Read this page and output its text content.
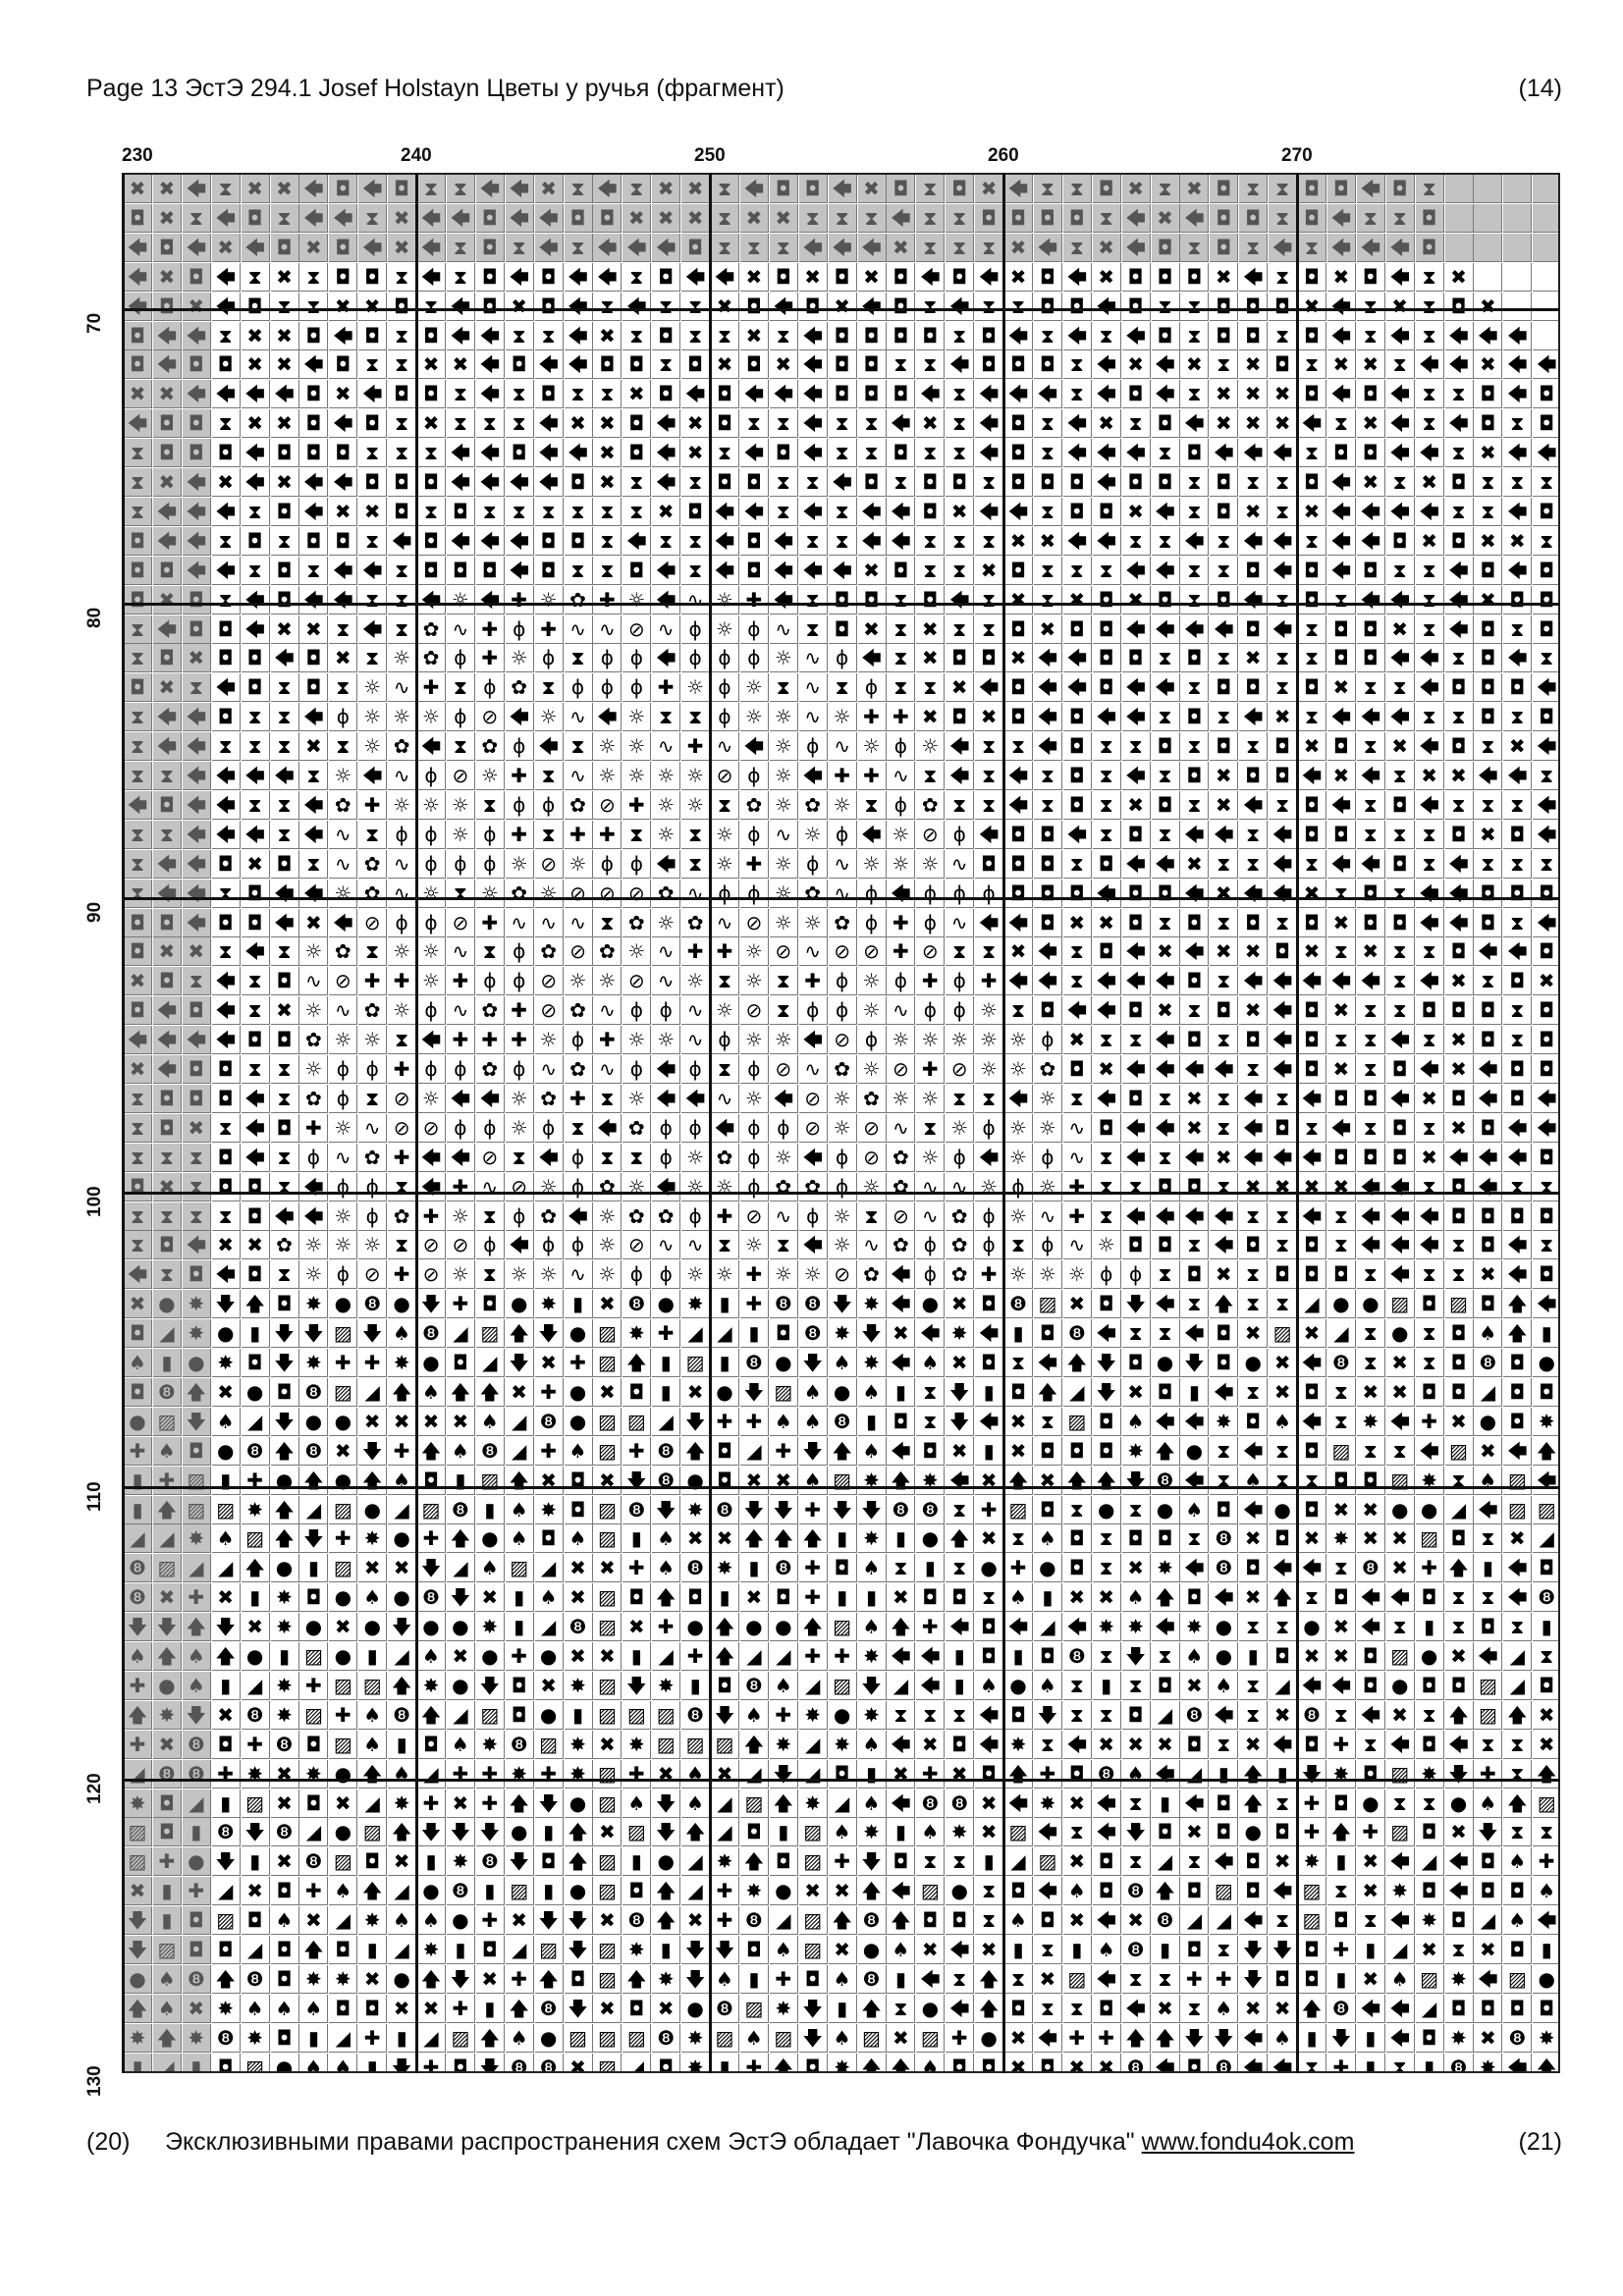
Page 13 ЭстЭ 294.1 Josef Holstayn Цветы у ручья (фрагмент)	(14)
230	240	250	260	270
70
80
90
100
110
120
130
✖ ✖ 🡄 ⧗ ✖ ✖ 🡄 ◘ 🡄 ◘ ⧗ ⧗ 🡄 🡄 ✖ ⧗ 🡄 ⧗ ✖ ✖ ⧗ 🡄 ◘ ◘ 🡄 ✖ ◘ ⧗ ◘ ✖ 🡄 ⧗ ⧗ ◘ ✖ ⧗ ✖ ◘ ⧗ ⧗ ◘ ◘ 🡄 ◘ ⧗
◘ ✖ ⧗ 🡄 ◘ ⧗ 🡄 🡄 ⧗ ✖ 🡄 🡄 ◘ 🡄 🡄 ◘ ◘ ✖ ✖ ✖ ⧗ ✖ ✖ ⧗ ⧗ ⧗ 🡄 ⧗ ⧗ ◘ ◘ ◘ ◘ ⧗ 🡄 ✖ 🡄 ◘ ◘ ⧗ ◘ 🡄 ⧗ ⧗ ◘
🡄 ◘ 🡄 ✖ 🡄 ◘ ✖ ◘ 🡄 ✖ 🡄 ⧗ ◘ ⧗ 🡄 ⧗ 🡄 🡄 🡄 ◘ ⧗ ⧗ ⧗ 🡄 🡄 🡄 ✖ ⧗ ⧗ ⧗ ✖ 🡄 ⧗ ✖ 🡄 ◘ ⧗ ◘ ⧗ 🡄 ⧗ 🡄 🡄 🡄 ◘
🡄 ✖ ◘ 🡄 ⧗ ✖ ⧗ ◘ ◘ ⧗ 🡄 ⧗ ◘ 🡄 ◘ 🡄 🡄 ⧗ ◘ 🡄 🡄 ✖ ◘ ✖ ◘ ✖ ◘ 🡄 ◘ 🡄 ✖ ◘ 🡄 ✖ ◘ ◘ ◘ ✖ 🡄 ⧗ ◘ ✖ ◘ 🡄 ⧗ ✖
🡄 ◘ ✖ 🡄 ◘ ⧗ ⧗ ✖ ✖ ◘ ⧗ 🡄 ◘ ✖ ◘ 🡄 ⧗ 🡄 ⧗ ⧗ ✖ ◘ 🡄 ◘ ✖ 🡄 ◘ ⧗ 🡄 ⧗ ⧗ ◘ ◘ 🡄 ◘ ⧗ ⧗ ◘ ◘ ◘ ✖ 🡄 ⧗ ✖ ⧗ ◘ ✖
◘ 🡄 🡄 ⧗ ✖ ✖ ◘ 🡄 ◘ ⧗ ◘ 🡄 🡄 ⧗ ⧗ 🡄 ✖ ⧗ ◘ ⧗ ⧗ ✖ ⧗ 🡄 ◘ ◘ ◘ ◘ ⧗ ◘ 🡄 ⧗ 🡄 ⧗ 🡄 ◘ ⧗ ◘ ◘ ⧗ ◘ 🡄 ⧗ 🡄 ⧗ 🡄 🡄 🡄
◘ 🡄 ◘ ◘ ✖ ✖ 🡄 ◘ ⧗ ⧗ ✖ ✖ 🡄 ◘ 🡄 🡄 ◘ ◘ ⧗ ◘ ✖ ◘ ✖ 🡄 ◘ ◘ ⧗ ⧗ 🡄 ◘ ◘ ◘ ⧗ 🡄 ✖ 🡄 ✖ ⧗ ✖ ◘ ⧗ ✖ ✖ ⧗ 🡄 🡄 ✖ 🡄 🡄
✖ ✖ 🡄 🡄 🡄 🡄 ◘ ✖ 🡄 ◘ ◘ ⧗ 🡄 ⧗ ◘ ⧗ ⧗ ✖ ◘ 🡄 ◘ 🡄 🡄 🡄 ◘ ◘ ◘ 🡄 ⧗ 🡄 🡄 🡄 ⧗ 🡄 ◘ 🡄 ⧗ ✖ ✖ ✖ ◘ 🡄 ◘ 🡄 ⧗ ⧗ ◘ 🡄 ◘
🡄 ◘ ◘ ⧗ ✖ ✖ ◘ 🡄 ◘ ⧗ ✖ ⧗ ⧗ ⧗ 🡄 ✖ ✖ ◘ 🡄 ✖ ◘ ⧗ ⧗ 🡄 ⧗ ⧗ 🡄 ✖ ⧗ 🡄 ◘ ⧗ 🡄 ✖ ⧗ ◘ 🡄 ✖ ✖ ✖ 🡄 ⧗ ✖ 🡄 ⧗ 🡄 ◘ ⧗ ◘
⧗ ◘ ◘ ◘ 🡄 ◘ ◘ ◘ ⧗ ⧗ ⧗ 🡄 🡄 ◘ 🡄 🡄 ✖ ◘ 🡄 ✖ ⧗ 🡄 ◘ 🡄 ⧗ ⧗ ◘ ⧗ ⧗ 🡄 ◘ ⧗ 🡄 🡄 🡄 ⧗ ◘ 🡄 🡄 🡄 ⧗ ◘ ◘ 🡄 🡄 ⧗ ✖ 🡄 🡄
⧗ ✖ 🡄 ✖ 🡄 ✖ 🡄 🡄 ◘ ◘ ◘ 🡄 🡄 🡄 🡄 ◘ ✖ ⧗ 🡄 ⧗ ◘ ◘ ⧗ ⧗ 🡄 ◘ ⧗ ◘ ◘ ⧗ ◘ ◘ ◘ 🡄 ◘ ◘ ⧗ ◘ ⧗ ⧗ ◘ 🡄 ✖ ⧗ ✖ ◘ ⧗ ⧗ ⧗
⧗ 🡄 🡄 🡄 ⧗ ◘ 🡄 ✖ ✖ ◘ ⧗ ◘ ⧗ ⧗ ⧗ ⧗ ⧗ ⧗ ✖ ◘ 🡄 🡄 ⧗ 🡄 ⧗ 🡄 🡄 ◘ ✖ 🡄 🡄 ⧗ ◘ ◘ ✖ 🡄 ⧗ ◘ ✖ ⧗ ✖ 🡄 🡄 🡄 🡄 ⧗ ⧗ 🡄 ◘
◘ 🡄 🡄 ⧗ ◘ ⧗ ◘ ◘ ⧗ 🡄 ◘ 🡄 🡄 🡄 ◘ ◘ ⧗ 🡄 ⧗ ⧗ 🡄 ◘ 🡄 ⧗ ⧗ 🡄 🡄 ⧗ ⧗ ⧗ ✖ ✖ 🡄 🡄 ⧗ ⧗ 🡄 ⧗ 🡄 🡄 ⧗ 🡄 🡄 ◘ ✖ ◘ ✖ ✖ ⧗
◘ ◘ 🡄 🡄 ⧗ ◘ ⧗ 🡄 🡄 ⧗ ◘ ◘ ◘ 🡄 ◘ ⧗ ⧗ ◘ 🡄 ⧗ 🡄 ◘ 🡄 🡄 🡄 ✖ ◘ ⧗ ⧗ ✖ ◘ ⧗ ⧗ ⧗ 🡄 🡄 ⧗ ⧗ ◘ 🡄 ◘ 🡄 ◘ ⧗ ⧗ 🡄 ◘ 🡄 ◘
◘ ✖ ◘ ⧗ 🡄 ◘ 🡄 🡄 ⧗ ⧗ 🡄 ☼ 🡄 ✚ ☼ ✿ ✚ ☼ 🡄 ∿ ☼ ✚ 🡄 ⧗ ◘ ◘ ⧗ ◘ 🡄 ⧗ ✖ ⧗ ✖ ◘ ✖ ◘ ⧗ ◘ 🡄 ⧗ ◘ ⧗ 🡄 🡄 ⧗ 🡄 ✖ ◘ ◘
⧗ 🡄 ◘ ◘ 🡄 ✖ ✖ ⧗ 🡄 ⧗ ✿ ∿ ✚ ɸ ✚ ∿ ∿ ⊘ ∿ ɸ ☼ ɸ ∿ ⧗ ◘ ✖ ⧗ ✖ ⧗ ⧗ ◘ ✖ ◘ ◘ 🡄 🡄 🡄 🡄 ◘ 🡄 ⧗ ◘ ◘ ✖ ⧗ 🡄 ◘ ⧗ ◘
⧗ ◘ ✖ ◘ ◘ 🡄 ◘ ✖ ⧗ ☼ ✿ ɸ ✚ ☼ ɸ ⧗ ɸ ɸ 🡄 ɸ ɸ ɸ ☼ ∿ ɸ 🡄 ⧗ ✖ ◘ ◘ ✖ 🡄 🡄 ◘ ◘ ⧗ ◘ ⧗ ✖ ⧗ ⧗ ◘ ◘ 🡄 🡄 ⧗ ◘ 🡄 ⧗
◘ ✖ ⧗ 🡄 ◘ ⧗ ◘ ⧗ ☼ ∿ ✚ ⧗ ɸ ✿ ⧗ ɸ ɸ ɸ ✚ ☼ ɸ ☼ ⧗ ∿ ⧗ ɸ ⧗ ⧗ ✖ 🡄 ◘ 🡄 🡄 ◘ 🡄 🡄 ⧗ ◘ ◘ ⧗ ◘ ✖ ⧗ ⧗ 🡄 ◘ ◘ ◘ 🡄
⧗ 🡄 🡄 ◘ ⧗ ⧗ 🡄 ɸ ☼ ☼ ☼ ɸ ⊘ 🡄 ☼ ∿ 🡄 ☼ ⧗ ⧗ ɸ ☼ ☼ ∿ ☼ ✚ ✚ ✖ ◘ ✖ ◘ 🡄 ◘ 🡄 🡄 ⧗ ◘ ⧗ 🡄 ✖ ⧗ 🡄 🡄 🡄 ⧗ ⧗ ◘ ⧗ ◘
⧗ 🡄 🡄 ⧗ ⧗ ⧗ ✖ ⧗ ☼ ✿ 🡄 ⧗ ✿ ɸ 🡄 ⧗ ☼ ☼ ∿ ✚ ∿ 🡄 ☼ ɸ ∿ ☼ ɸ ☼ 🡄 ⧗ ⧗ 🡄 ◘ ⧗ ⧗ ◘ ⧗ ◘ ⧗ ◘ ✖ ◘ ⧗ ✖ 🡄 ◘ ⧗ ✖ 🡄
⧗ ⧗ 🡄 🡄 🡄 🡄 ⧗ ☼ 🡄 ∿ ɸ ⊘ ☼ ✚ ⧗ ∿ ☼ ☼ ☼ ☼ ⊘ ɸ ☼ 🡄 ✚ ✚ ∿ ⧗ 🡄 ⧗ 🡄 ⧗ ◘ ⧗ 🡄 ⧗ ◘ ✖ ◘ ◘ 🡄 ✖ 🡄 ⧗ ✖ ✖ 🡄 🡄 ⧗
🡄 ◘ 🡄 🡄 ⧗ ⧗ 🡄 ✿ ✚ ☼ ☼ ☼ ⧗ ɸ ɸ ✿ ⊘ ✚ ☼ ☼ ⧗ ✿ ☼ ✿ ☼ ⧗ ɸ ✿ ⧗ ⧗ 🡄 ⧗ ◘ ⧗ ✖ ◘ ⧗ ✖ 🡄 ⧗ ◘ 🡄 ⧗ ◘ 🡄 ⧗ ⧗ ⧗ 🡄
⧗ ⧗ 🡄 🡄 🡄 ⧗ 🡄 ∿ ⧗ ɸ ɸ ☼ ɸ ✚ ⧗ ✚ ✚ ⧗ ☼ ⧗ ☼ ɸ ∿ ☼ ɸ 🡄 ☼ ⊘ ɸ 🡄 ◘ ◘ 🡄 ⧗ ◘ ⧗ 🡄 🡄 ⧗ 🡄 ◘ ◘ ⧗ ⧗ ⧗ ◘ ✖ ◘ 🡄
⧗ 🡄 🡄 ◘ ✖ ◘ ⧗ ∿ ✿ ∿ ɸ ɸ ɸ ☼ ⊘ ☼ ɸ ɸ 🡄 ⧗ ☼ ✚ ☼ ɸ ∿ ☼ ☼ ☼ ∿ ◘ ◘ ◘ ⧗ ◘ 🡄 🡄 ✖ ⧗ ⧗ 🡄 ⧗ 🡄 🡄 ◘ ⧗ 🡄 ⧗ ⧗ ⧗
⧗ 🡄 🡄 ⧗ ◘ 🡄 🡄 ☼ ✿ ∿ ☼ ⧗ ☼ ✿ ☼ ⊘ ⊘ ⊘ ✿ ∿ ɸ ɸ ☼ ✿ ∿ ɸ 🡄 ɸ ɸ ɸ ◘ ◘ ◘ 🡄 ◘ ◘ 🡄 ✖ 🡄 🡄 ✖ ⧗ ◘ ⧗ 🡄 🡄 ◘ ◘ ◘
◘ ◘ 🡄 ◘ ◘ 🡄 ✖ 🡄 ⊘ ɸ ɸ ⊘ ✚ ∿ ∿ ∿ ⧗ ✿ ☼ ✿ ∿ ⊘ ☼ ☼ ✿ ɸ ✚ ɸ ∿ 🡄 🡄 ◘ ✖ ✖ ◘ ⧗ ◘ ⧗ ◘ ⧗ ◘ ✖ ◘ ◘ 🡄 🡄 ◘ ⧗ 🡄
◘ ✖ ✖ ⧗ 🡄 ⧗ ☼ ✿ ⧗ ☼ ☼ ∿ ⧗ ɸ ✿ ⊘ ✿ ☼ ∿ ✚ ✚ ☼ ⊘ ∿ ⊘ ⊘ ✚ ⊘ ⧗ ⧗ ✖ 🡄 ⧗ ◘ 🡄 ✖ 🡄 ✖ ✖ ◘ ✖ ⧗ ✖ ⧗ ⧗ ◘ 🡄 🡄 ◘
✖ ◘ ⧗ 🡄 ⧗ ◘ ∿ ⊘ ✚ ✚ ☼ ✚ ɸ ɸ ⊘ ☼ ☼ ⊘ ∿ ☼ ⧗ ☼ ⧗ ✚ ɸ ☼ ɸ ✚ ɸ ✚ 🡄 🡄 ⧗ 🡄 🡄 🡄 ◘ ⧗ 🡄 🡄 🡄 🡄 🡄 ⧗ 🡄 ✖ ⧗ ◘ ✖
◘ 🡄 ◘ 🡄 ⧗ ✖ ☼ ∿ ✿ ☼ ɸ ∿ ✿ ✚ ⊘ ✿ ∿ ɸ ɸ ∿ ☼ ⊘ ⧗ ɸ ɸ ☼ ∿ ɸ ɸ ☼ ⧗ ◘ 🡄 🡄 ◘ ✖ ⧗ ◘ ✖ 🡄 ◘ ✖ ⧗ ⧗ ◘ ◘ ◘ ⧗ ◘
🡄 🡄 🡄 🡄 ◘ ◘ ✿ ☼ ☼ ⧗ 🡄 ✚ ✚ ✚ ☼ ɸ ✚ ☼ ☼ ∿ ɸ ☼ ☼ 🡄 ⊘ ɸ ☼ ☼ ☼ ☼ ☼ ɸ ✖ ⧗ ⧗ 🡄 ◘ ⧗ ◘ 🡄 ◘ ⧗ ⧗ 🡄 ⧗ ✖ ◘ ⧗ ◘
✖ 🡄 ◘ ◘ ⧗ ⧗ ☼ ɸ ɸ ✚ ɸ ɸ ✿ ɸ ∿ ✿ ∿ ɸ 🡄 ɸ ⧗ ɸ ⊘ ∿ ✿ ☼ ⊘ ✚ ⊘ ☼ ☼ ✿ ◘ ✖ 🡄 🡄 🡄 🡄 ⧗ 🡄 ◘ ✖ ⧗ ◘ 🡄 ✖ 🡄 ◘ ◘
⧗ ◘ ◘ ◘ 🡄 ⧗ ✿ ɸ ⧗ ⊘ ☼ 🡄 🡄 ☼ ✿ ✚ ⧗ ☼ 🡄 🡄 ∿ ☼ 🡄 ⊘ ☼ ✿ ☼ ☼ ⧗ ⧗ 🡄 ☼ ⧗ 🡄 ◘ ⧗ ✖ ⧗ 🡄 ⧗ 🡄 ◘ ◘ 🡄 ✖ ◘ 🡄 ◘ 🡄
⧗ ◘ ✖ ⧗ 🡄 ◘ ✚ ☼ ∿ ⊘ ⊘ ɸ ɸ ☼ ɸ ⧗ 🡄 ✿ ɸ ɸ 🡄 ɸ ɸ ⊘ ☼ ⊘ ∿ ⧗ ☼ ɸ ☼ ☼ ∿ ◘ 🡄 🡄 ✖ ⧗ 🡄 ◘ ⧗ 🡄 ⧗ ◘ ⧗ ✖ ◘ 🡄 🡄
⧗ ⧗ ⧗ ◘ 🡄 ⧗ ɸ ∿ ✿ ✚ 🡄 🡄 ⊘ ⧗ 🡄 ɸ ⧗ ⧗ ɸ ☼ ✿ ɸ ☼ 🡄 ɸ ⊘ ✿ ☼ ɸ 🡄 ☼ ɸ ∿ ⧗ 🡄 ⧗ 🡄 ✖ 🡄 🡄 🡄 ◘ ◘ ◘ ✖ 🡄 🡄 🡄 ◘
◘ ✖ ⧗ ◘ ◘ ⧗ 🡄 ɸ ɸ ⧗ 🡄 ✚ ∿ ⊘ ☼ ɸ ✿ ☼ 🡄 ☼ ☼ ɸ ✿ ✿ ɸ ☼ ✿ ∿ ∿ ☼ ɸ ☼ ✚ ⧗ ⧗ ◘ ◘ ⧗ ✖ ✖ ✖ ✖ 🡄 🡄 ⧗ ◘ 🡄 ⧗ ⧗
⧗ ⧗ ⧗ ⧗ ◘ 🡄 🡄 ☼ ɸ ✿ ✚ ☼ ⧗ ɸ ✿ 🡄 ☼ ✿ ✿ ɸ ✚ ⊘ ∿ ɸ ☼ ⧗ ⊘ ∿ ✿ ɸ ☼ ∿ ✚ ⧗ 🡄 🡄 🡄 🡄 ⧗ ⧗ 🡄 ⧗ 🡄 🡄 🡄 ◘ ◘ ◘ ◘
⧗ ◘ 🡄 ✖ ✖ ✿ ☼ ☼ ☼ ⧗ ⊘ ⊘ ɸ 🡄 ɸ ɸ ☼ ⊘ ∿ ∿ ⧗ ☼ ⧗ 🡄 ☼ ∿ ✿ ɸ ✿ ɸ ⧗ ɸ ∿ ☼ ◘ ◘ ⧗ 🡄 ◘ ⧗ ◘ ⧗ 🡄 🡄 🡄 ⧗ ◘ 🡄 ⧗
🡄 ⧗ ◘ 🡄 ◘ ⧗ ☼ ɸ ⊘ ✚ ⊘ ☼ ⧗ ☼ ☼ ∿ ☼ ɸ ɸ ☼ ☼ ✚ ☼ ☼ ⊘ ✿ 🡄 ɸ ✿ ✚ ☼ ☼ ☼ ɸ ɸ ⧗ ◘ ✖ ⧗ ◘ ◘ ◘ ⧗ 🡄 ⧗ ⧗ ✖ 🡄 ◘
✖ ● ✸ 🡇 🡅 ◘ ✸ ● ❽ ● 🡇 ✚ ◘ ● ✸ ▮ ✖ ❽ ● ✸ ▮ ✚ ❽ ❽ 🡇 ✸ 🡄 ● ✖ ◘ ❽ ▨ ✖ ◘ 🡇 🡄 ⧗ 🡅 ⧗ ⧗ ◢ ● ● ▨ ◘ ▨ ◘ 🡅 🡄
◘ ◢ ✸ ● ▮ 🡇 🡇 ▨ 🡇 ♠ ❽ ◢ ▨ 🡅 🡇 ● ▨ ✸ ✚ ◢ ◢ ▮ ◘ ❽ ✸ 🡇 ✖ 🡄 ✸ 🡄 ▮ ◘ ❽ 🡄 ⧗ ⧗ 🡄 ◘ ✖ ▨ ✖ ◢ ⧗ ● ⧗ ◘ ♠ 🡅 ▮
♠ ▮ ● ✸ ◘ 🡇 ✸ ✚ ✚ ✸ ● ◘ ◢ 🡇 ✖ ✚ ▨ 🡅 ▮ ▨ ▮ ❽ ● 🡇 ♠ ✸ 🡄 ♠ ✖ ◘ ⧗ 🡄 🡅 🡇 ◘ ● 🡇 ◘ ● ✖ 🡄 ❽ ⧗ ✖ ⧗ ◘ ❽ ◘ ●
◘ ❽ 🡅 ✖ ● ◘ ❽ ▨ ◢ 🡅 ♠ 🡅 🡅 ✖ ✚ ● ✖ ◘ ▮ ✖ ● 🡇 ▨ ♠ ● ♠ ▮ ⧗ 🡇 ▮ ◘ 🡅 ◢ 🡇 ✖ ◘ ▮ 🡄 ⧗ ✖ ◘ ⧗ ✖ ✖ ◘ ◘ ◢ ◘ ◘
● ▨ 🡇 ♠ ◢ 🡇 ● ● ✖ ✖ ✖ ✖ ♠ ◢ ❽ ● ▨ ▨ ◢ 🡇 ✚ ✚ ♠ ♠ ❽ ▮ ◘ ⧗ 🡇 🡄 ✖ ⧗ ▨ ◘ ♠ 🡄 🡄 ✸ ◘ ♠ 🡄 ⧗ ✸ 🡄 ✚ ✖ ● ◘ ✸
✚ ♠ ◘ ● ❽ 🡅 ❽ ✖ 🡇 ✚ 🡅 ♠ ❽ ◢ ✚ ♠ ▨ ✚ ❽ 🡅 ◘ ◢ ✚ 🡇 🡅 ♠ 🡄 ◘ ✖ ▮ ✖ ◘ ◘ ◘ ✸ 🡅 ● ⧗ 🡄 ⧗ ◘ ▨ ⧗ ⧗ 🡄 ▨ ✖ 🡄 🡅
▮ ✚ ▨ ▮ ✚ ● 🡅 ● 🡅 ♠ ◘ ▮ ▨ 🡅 ✖ ◘ ✖ 🡇 ❽ ● ◘ ✖ ✖ ♠ ▨ ✸ 🡅 ✸ 🡄 ✖ 🡅 ✖ 🡅 🡅 🡇 ❽ 🡄 ⧗ ♠ ⧗ ⧗ ◘ ◘ ▨ ✸ ⧗ ♠ ▨ 🡄
▮ 🡅 ▨ ▨ ✸ 🡅 ◢ ▨ ● ◢ ▨ ❽ ▮ ♠ ✸ ◘ ▨ ❽ 🡇 ✸ ❽ 🡇 🡇 ✚ 🡇 🡇 ❽ ❽ ⧗ ✚ ▨ ◘ ⧗ ● ⧗ ● ♠ ◘ 🡄 ● ◘ ✖ ✖ ● ● ◢ 🡄 ▨ ▨
◢ ◢ ✸ ♠ ▨ 🡅 🡇 ✚ ✸ ● ✚ 🡅 ● ♠ ◘ ♠ ▨ ▮ ♠ ✖ ✖ 🡅 🡅 🡅 ▮ ✸ ▮ ● 🡅 ✖ ⧗ ♠ ◘ ⧗ ◘ ◘ ⧗ ❽ ✖ ◘ ✖ ✸ ✖ ✖ ▨ ◘ ⧗ ✖ ◢
❽ ▨ ◢ ◢ 🡅 ● ▮ ▨ ✖ ✖ 🡇 ◢ ♠ ▨ ◢ ✖ ✖ ✚ ♠ ❽ ✸ ▮ ❽ ✚ ◘ ♠ ⧗ ▮ ⧗ ● ✚ ● ◘ ⧗ ✖ ✸ 🡄 ❽ ◘ 🡄 🡄 ⧗ ❽ ✖ ✚ 🡅 ▮ 🡄 ◘
❽ ✖ ✚ ✖ ▮ ✸ ◘ ● ♠ ● ❽ 🡇 ✖ ▮ ♠ ✖ ▨ ◘ 🡅 ◘ ▮ ✖ ◘ ✚ ▮ ▮ ✖ ◘ ◘ ⧗ ♠ ▮ ✖ ✖ ♠ 🡅 ◘ 🡄 ✖ 🡅 ⧗ ◘ 🡄 🡄 ◘ ⧗ ⧗ 🡄 ❽
🡇 🡇 🡅 🡇 ✖ ✸ ● ✖ ● 🡇 ● ● ✸ ▮ ◢ ❽ ▨ ✖ ✚ ● 🡅 ● ● 🡅 ▨ ♠ 🡅 ✚ 🡄 ◘ 🡄 ◢ 🡄 ✸ ✸ 🡄 ✸ ● ⧗ ⧗ ● ✖ 🡄 ⧗ ▮ ⧗ ◘ ⧗ ▮
♠ 🡅 ♠ 🡅 ● ▮ ▨ ● ▮ ◢ ♠ ✖ ● ✚ ● ✖ ✖ ▮ ◢ ✚ 🡅 ◢ ◢ ✚ ✚ ✸ 🡄 🡄 ▮ ◘ ▮ ◘ ❽ ⧗ 🡇 ⧗ ♠ ● ▮ ◘ ✖ ✖ ◘ ▨ ● ✖ 🡄 ◢ ⧗
✚ ● ♠ ▮ ◢ ✸ ✚ ▨ ▨ 🡅 ✸ ● 🡇 ◘ ✖ ✸ ▨ 🡇 ✸ ▮ ◘ ❽ ♠ ◢ ▨ 🡇 ◢ 🡄 ▮ ♠ ● ♠ ⧗ ▮ ⧗ ◘ ✖ ♠ ⧗ ◢ 🡄 🡄 ◘ ● ◘ ◘ ▨ ◢ ◘
🡅 ✸ 🡇 ✖ ❽ ✸ ▨ ✚ ♠ ❽ 🡅 ◢ ▨ ◘ ● ▮ ▨ ▨ ▨ ❽ 🡇 ♠ ✚ ✸ ● ✸ ⧗ ⧗ ⧗ 🡄 ◘ 🡇 ⧗ ⧗ ◘ ◢ ❽ 🡄 ⧗ ✖ ❽ ⧗ 🡄 ✖ ⧗ 🡅 ▨ 🡅 ✖
✚ ✖ ❽ ◘ ✚ ❽ ◘ ▨ ♠ ▮ ◘ ♠ ✸ ❽ ▨ ✸ ✖ ✸ ▨ ▨ ▨ 🡅 ✸ ◢ ✸ ♠ 🡄 ✖ ◘ 🡄 ✸ ⧗ 🡄 ✖ ✖ ✖ ◘ ⧗ ✖ 🡄 ◘ ✚ ⧗ 🡄 ◘ 🡄 ⧗ ⧗ ✖
◢ ❽ ❽ ✚ ✸ ✖ ✸ ● 🡅 ♠ ◢ ✚ ✚ ✸ ✚ ✸ ▨ ✚ ✖ ♠ ✖ ◢ 🡇 ◢ ◘ ▮ ✖ ✚ ✖ ◘ 🡅 ✚ ◘ ❽ ♠ 🡄 ◢ ▮ 🡅 ▮ 🡇 ✸ ◘ ▨ ✸ 🡇 ✚ ⧗ 🡅
✸ ◘ ◢ ▮ ▨ ✖ ◘ ✖ ◢ ✸ ✚ ✖ ✚ 🡅 🡇 ● ▨ ♠ 🡇 ♠ ◢ ▨ 🡅 ✸ ◢ ♠ 🡄 ❽ ❽ ✖ 🡄 ✸ ✖ 🡄 ⧗ ▮ 🡄 ◘ 🡅 ⧗ ✚ ◘ ● ⧗ ⧗ ● ♠ 🡅 ▨
▨ ◘ ▮ ❽ 🡇 ❽ ◢ ● ▨ 🡅 🡇 🡇 🡇 ● ▮ 🡅 ✖ ▨ 🡇 🡅 ◢ ◘ ▮ ▨ ♠ ✸ ▮ ♠ ✸ ✖ ▨ 🡄 ⧗ 🡄 🡇 ◘ ✖ ◘ ● ◘ ✚ 🡅 ✚ ▨ ◘ ✖ 🡇 ⧗ ⧗
▨ ✚ ● 🡇 ▮ ✖ ❽ ▨ ◘ ✖ ▮ ✸ ❽ 🡇 ◘ 🡅 ▨ ▮ ● ◢ ✸ 🡅 ◘ ▨ ✚ 🡇 ◘ ⧗ ⧗ ▮ ◢ ▨ ✖ ◘ ⧗ ◢ ⧗ 🡄 ◘ ✖ ✸ ▮ ✖ 🡄 ◢ 🡄 ◘ ♠ ✚
✖ ▮ ✚ ◢ ✖ ◘ ✚ ♠ 🡅 ◢ ● ❽ ▮ ▨ ▮ ● ▨ ◘ 🡅 ◢ ✚ ✸ ● ✖ ✖ 🡅 🡄 ▨ ● ⧗ ◘ 🡄 ♠ ◘ ❽ 🡅 ◘ ▨ ◘ 🡄 ▨ ⧗ ✖ ✸ ◘ 🡄 ◘ ◘ ♠
🡇 ▮ ◘ ▨ ◘ ♠ ✖ ◢ ✸ ♠ ♠ ● ✚ ✖ 🡇 🡇 ✖ ❽ 🡅 ✖ ✚ ❽ ◢ ▨ 🡅 ❽ 🡅 ◘ ◘ ⧗ ♠ ◘ ✖ 🡄 ✖ ❽ ◢ ◢ 🡄 ⧗ ▨ ◘ ⧗ 🡄 ✸ ◘ ◢ ♠ 🡄
🡇 ▨ ◘ ◘ ◢ ◘ 🡅 ◘ ▮ ◢ ✸ ▮ ◘ ◢ ▨ 🡇 ▨ ✸ ▮ 🡇 🡇 ◘ ♠ ▨ ✖ ● ♠ ✖ 🡄 ✖ ▮ ⧗ ▮ ♠ ❽ ▮ ◘ ⧗ 🡇 🡇 ◘ ✚ ▮ ◢ ✖ ⧗ ✖ ◘ ▮
● ♠ ❽ 🡅 ❽ ◘ ✸ ✸ ✖ ● 🡅 🡇 ✖ ✚ 🡅 ◘ ▨ 🡅 ✸ 🡇 ♠ ▮ ✚ ◘ ♠ ❽ ▮ 🡄 ⧗ 🡅 ⧗ ✖ ▨ 🡄 ⧗ ⧗ ✚ ✚ 🡇 ◘ ◘ ▮ ✖ ♠ ▨ ✸ 🡄 ▨ ●
🡅 ♠ ✖ ✸ ♠ ♠ ♠ ◘ ◘ ✖ ✖ ✚ ▮ 🡅 ❽ 🡇 ✖ ◘ ✖ ● ❽ ▨ ✸ 🡇 ▮ 🡅 ⧗ ● 🡄 🡅 ◘ ⧗ ⧗ ◘ 🡄 ✖ ⧗ ♠ ✖ ✖ 🡅 ❽ 🡄 🡄 ◢ ◘ ◘ ◘ ◘
✸ 🡅 ✸ ❽ ✸ ◘ ▮ ◢ ✚ ▮ ◢ ▨ 🡅 ♠ ● ▨ ▨ ▨ ❽ ✸ ▨ ♠ ▨ 🡇 ♠ ▨ ✖ ▨ ✚ ● ✖ 🡄 ✚ ✚ 🡅 🡅 🡇 🡇 🡄 ♠ ▮ 🡇 ▮ 🡄 ◘ ✸ ✖ ❽ ✸
▮ ◢ ▮ ◘ ▨ ● ♠ ♠ ▮ 🡇 ✚ ◘ 🡇 ❽ ❽ ✖ ▨ ◢ ◘ ✸ ▮ ✚ 🡅 ◘ ✸ 🡅 🡅 ♠ ◘ ◘ ✖ ◘ ✖ ✖ ❽ 🡄 ◘ ❽ 🡄 🡄 ⧗ ✚ ▮ ⧗ ▮ ❽ ✸ 🡄 🡅
(20) Эксклюзивными правами распространения схем ЭстЭ обладает "Лавочка Фондучка" www.fondu4ok.com	(21)
